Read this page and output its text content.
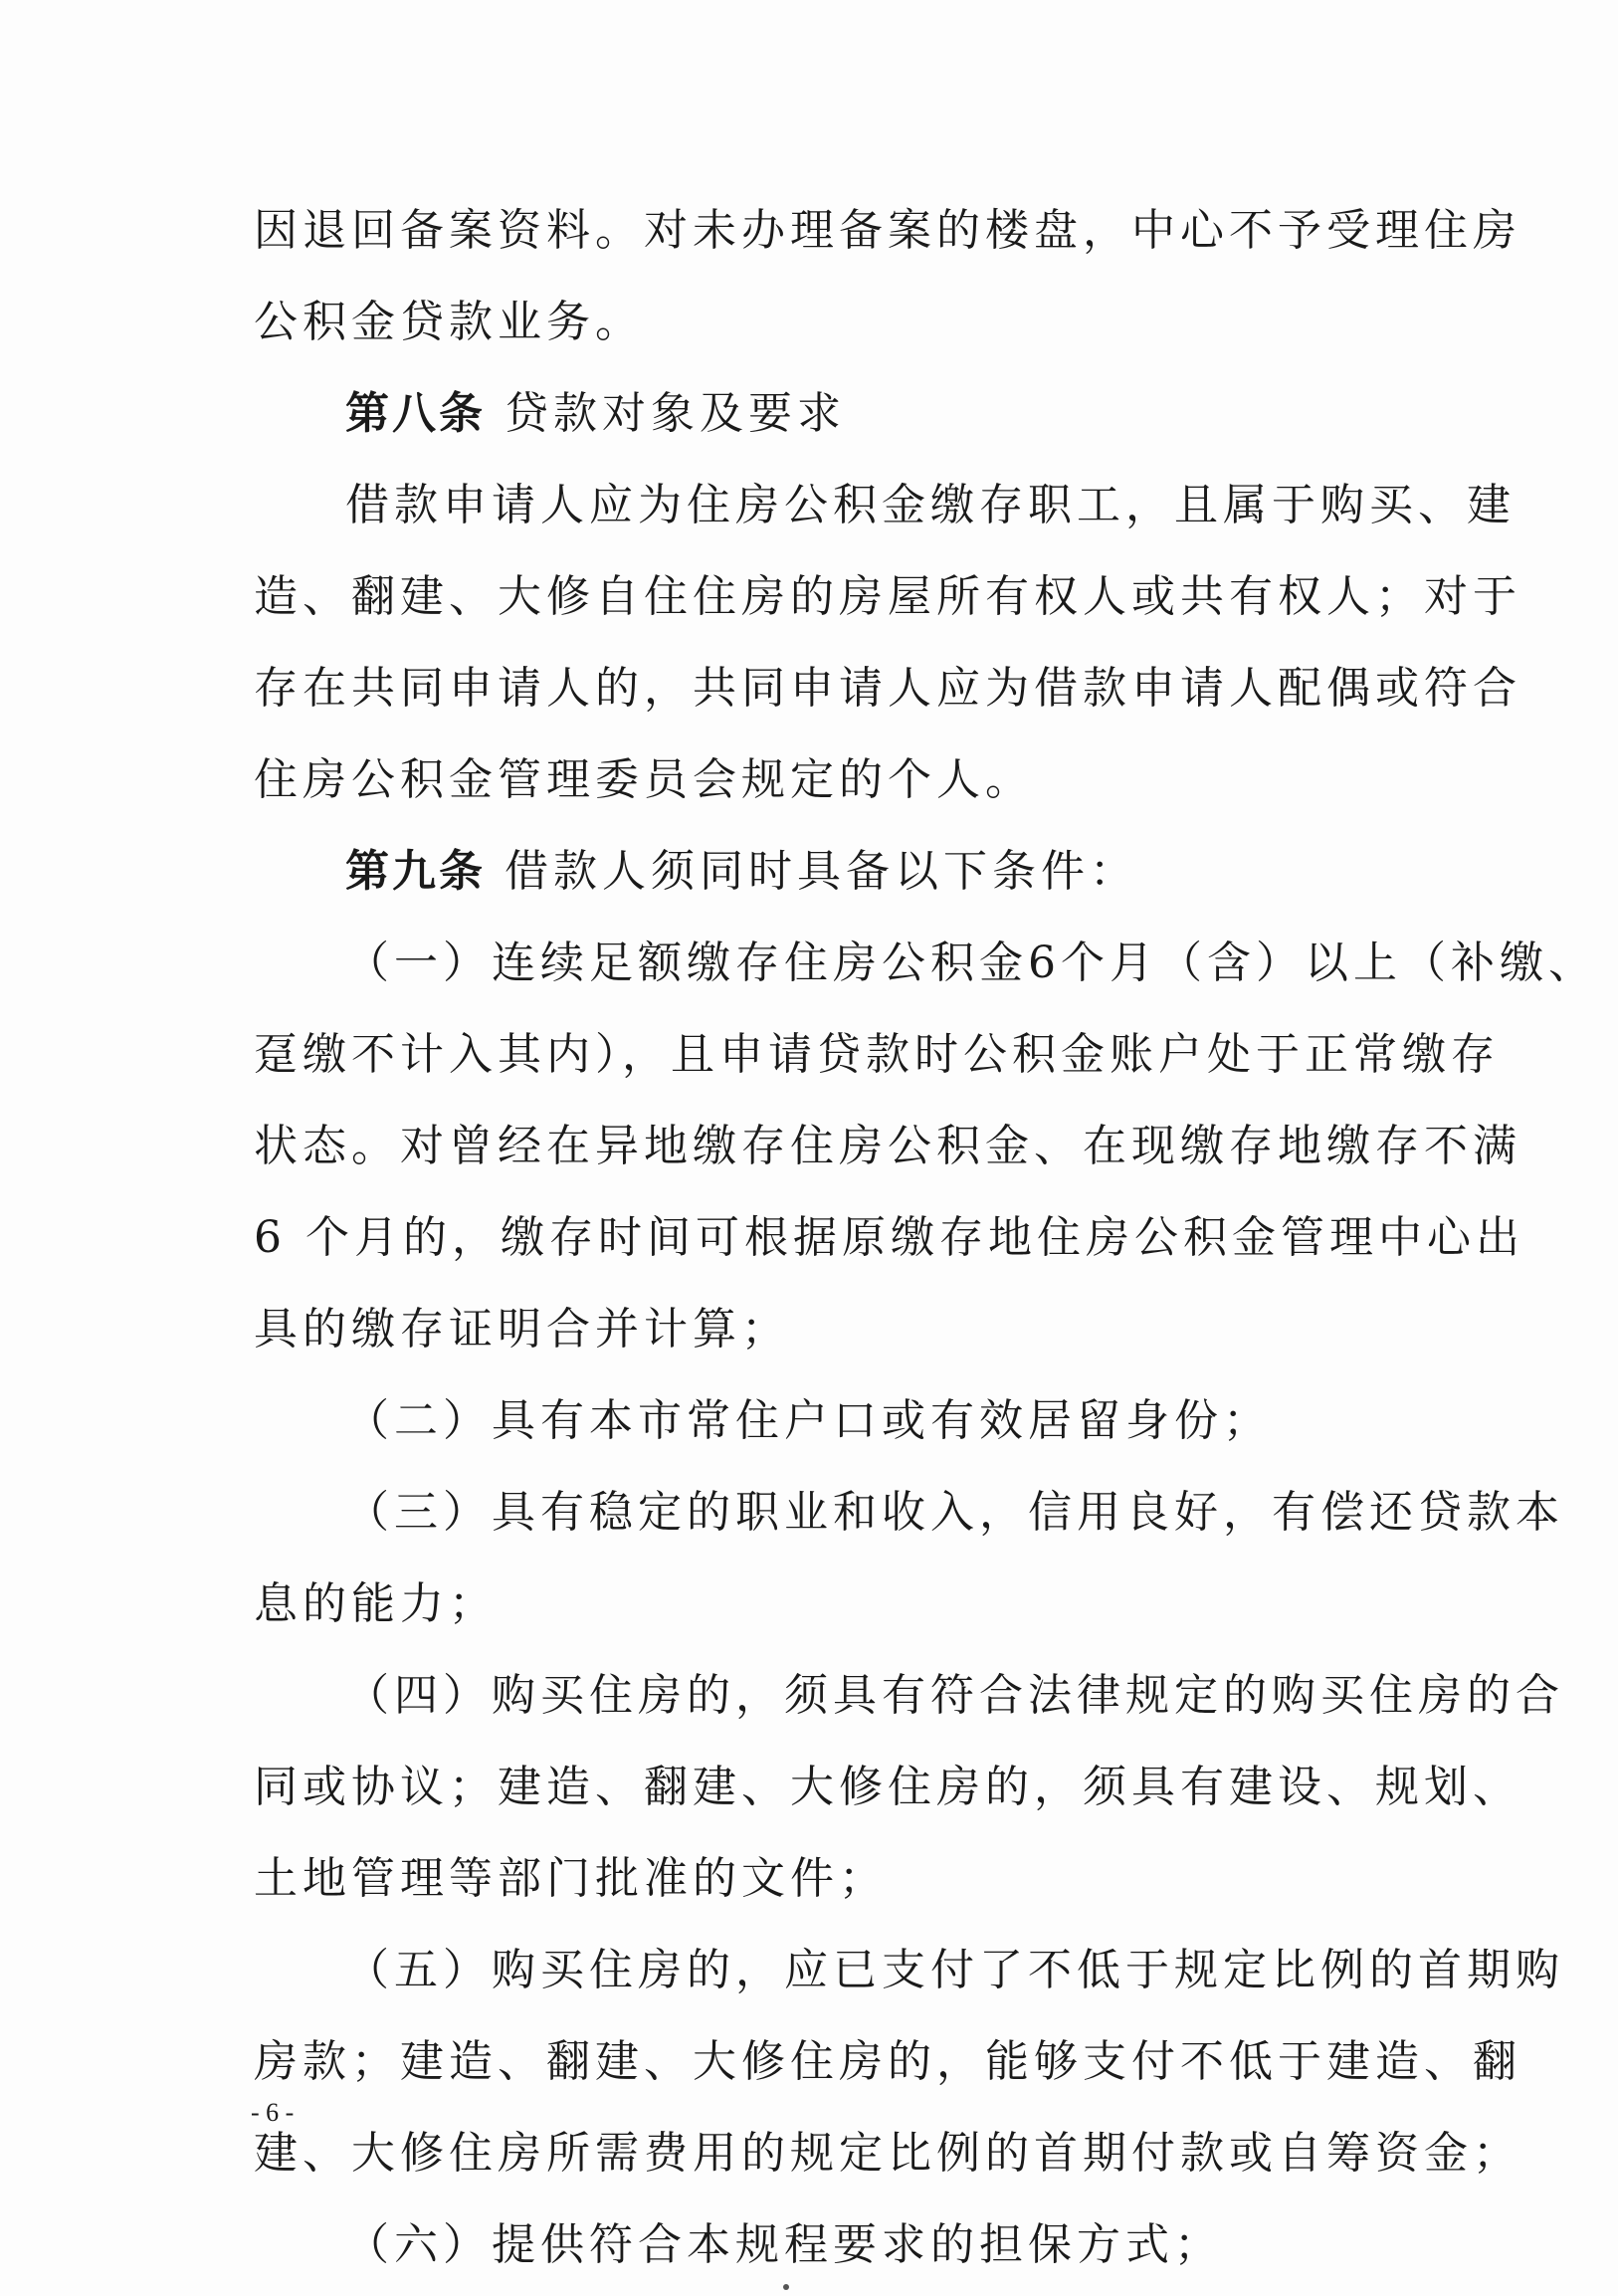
因退回备案资料。对未办理备案的楼盘，中心不予受理住房
公积金贷款业务。
第八条 贷款对象及要求
借款申请人应为住房公积金缴存职工，且属于购买、建
造、翻建、大修自住住房的房屋所有权人或共有权人；对于
存在共同申请人的，共同申请人应为借款申请人配偶或符合
住房公积金管理委员会规定的个人。
第九条 借款人须同时具备以下条件：
（一）连续足额缴存住房公积金6个月（含）以上（补缴、
趸缴不计入其内），且申请贷款时公积金账户处于正常缴存
状态。对曾经在异地缴存住房公积金、在现缴存地缴存不满
6 个月的，缴存时间可根据原缴存地住房公积金管理中心出
具的缴存证明合并计算；
（二）具有本市常住户口或有效居留身份；
（三）具有稳定的职业和收入，信用良好，有偿还贷款本
息的能力；
（四）购买住房的，须具有符合法律规定的购买住房的合
同或协议；建造、翻建、大修住房的，须具有建设、规划、
土地管理等部门批准的文件；
（五）购买住房的，应已支付了不低于规定比例的首期购
房款；建造、翻建、大修住房的，能够支付不低于建造、翻
建、大修住房所需费用的规定比例的首期付款或自筹资金；
（六）提供符合本规程要求的担保方式；
- 6 -
